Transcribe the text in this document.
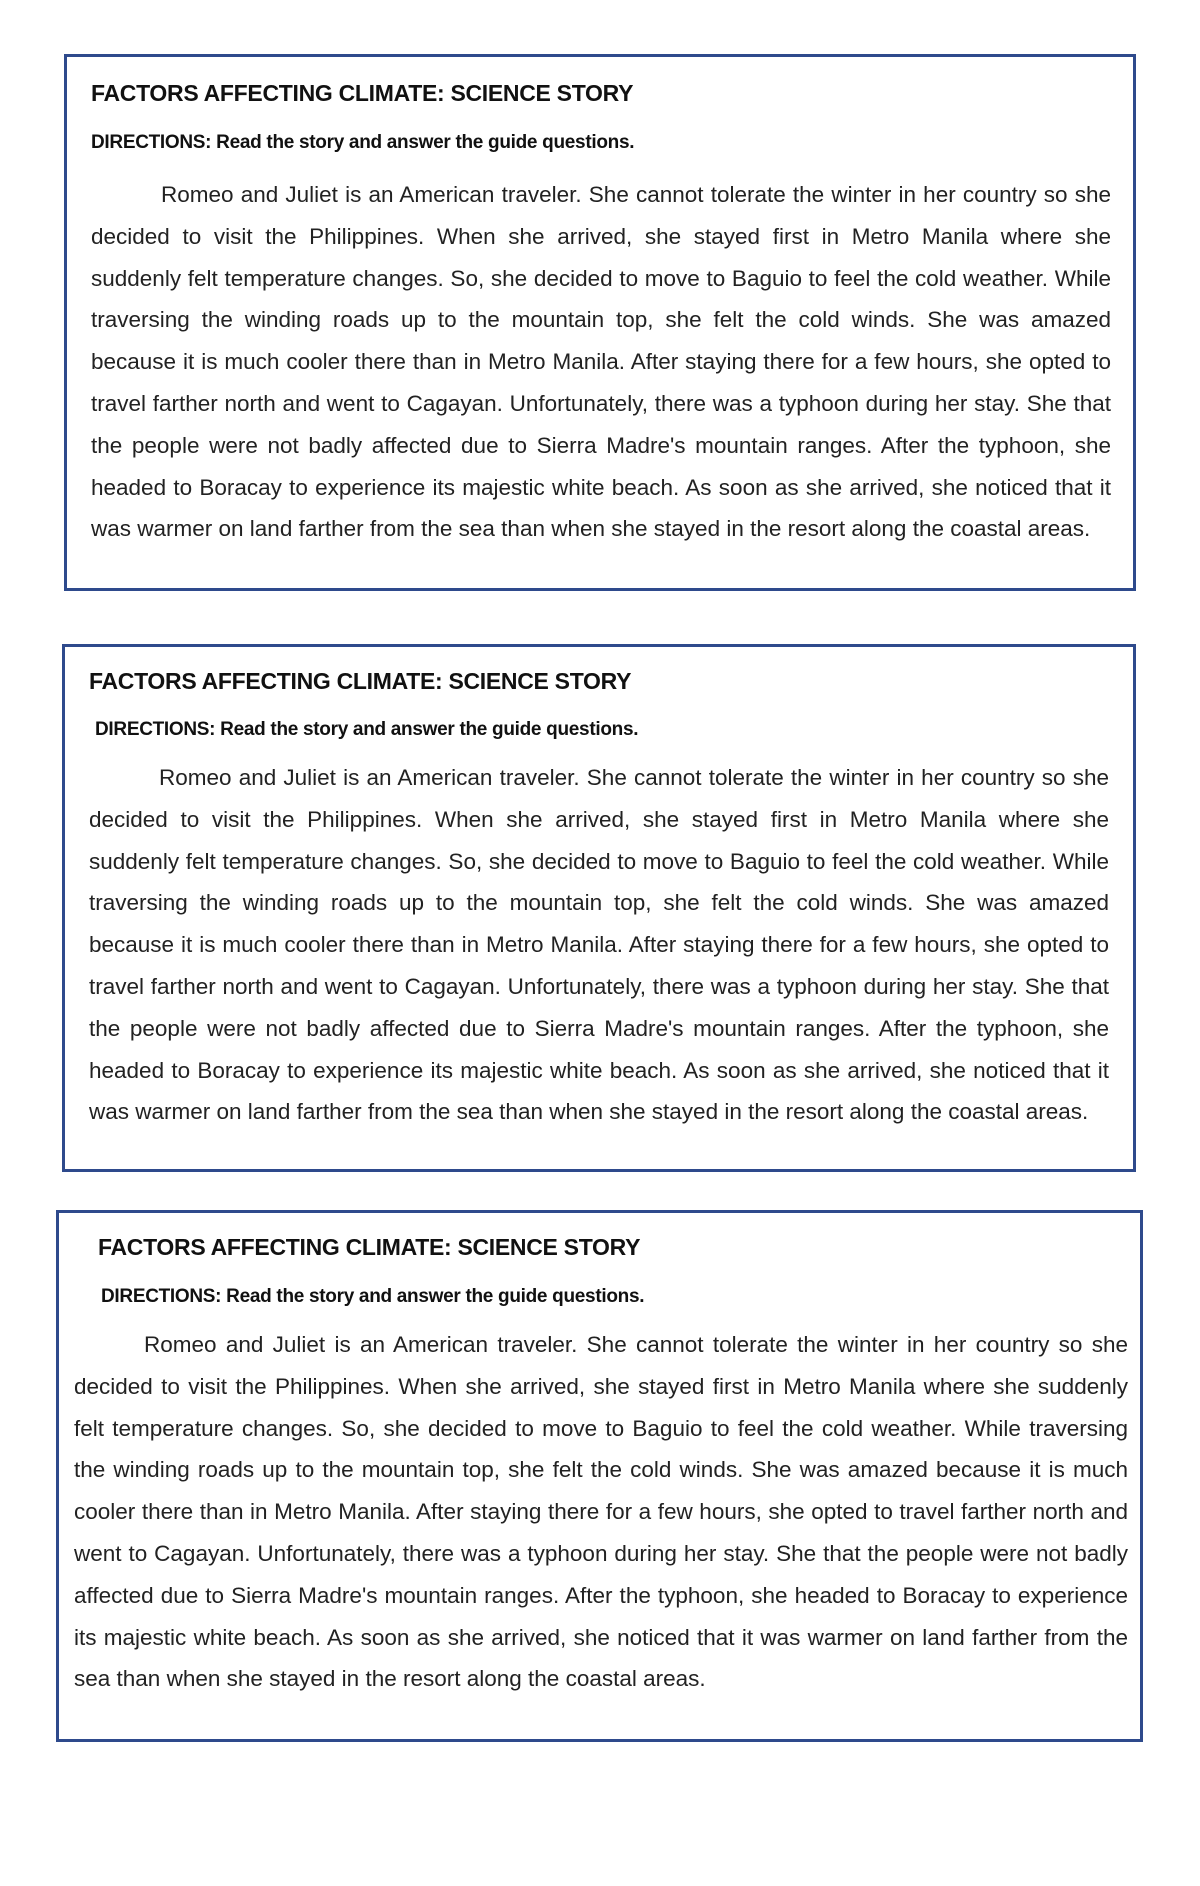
FACTORS AFFECTING CLIMATE: SCIENCE STORY
DIRECTIONS: Read the story and answer the guide questions.

Romeo and Juliet is an American traveler. She cannot tolerate the winter in her country so she decided to visit the Philippines. When she arrived, she stayed first in Metro Manila where she suddenly felt temperature changes. So, she decided to move to Baguio to feel the cold weather. While traversing the winding roads up to the mountain top, she felt the cold winds. She was amazed because it is much cooler there than in Metro Manila. After staying there for a few hours, she opted to travel farther north and went to Cagayan. Unfortunately, there was a typhoon during her stay. She that the people were not badly affected due to Sierra Madre's mountain ranges. After the typhoon, she headed to Boracay to experience its majestic white beach. As soon as she arrived, she noticed that it was warmer on land farther from the sea than when she stayed in the resort along the coastal areas.

FACTORS AFFECTING CLIMATE: SCIENCE STORY
DIRECTIONS: Read the story and answer the guide questions.

Romeo and Juliet is an American traveler. She cannot tolerate the winter in her country so she decided to visit the Philippines. When she arrived, she stayed first in Metro Manila where she suddenly felt temperature changes. So, she decided to move to Baguio to feel the cold weather. While traversing the winding roads up to the mountain top, she felt the cold winds. She was amazed because it is much cooler there than in Metro Manila. After staying there for a few hours, she opted to travel farther north and went to Cagayan. Unfortunately, there was a typhoon during her stay. She that the people were not badly affected due to Sierra Madre's mountain ranges. After the typhoon, she headed to Boracay to experience its majestic white beach. As soon as she arrived, she noticed that it was warmer on land farther from the sea than when she stayed in the resort along the coastal areas.

FACTORS AFFECTING CLIMATE: SCIENCE STORY
DIRECTIONS: Read the story and answer the guide questions.

Romeo and Juliet is an American traveler. She cannot tolerate the winter in her country so she decided to visit the Philippines. When she arrived, she stayed first in Metro Manila where she suddenly felt temperature changes. So, she decided to move to Baguio to feel the cold weather. While traversing the winding roads up to the mountain top, she felt the cold winds. She was amazed because it is much cooler there than in Metro Manila. After staying there for a few hours, she opted to travel farther north and went to Cagayan. Unfortunately, there was a typhoon during her stay. She that the people were not badly affected due to Sierra Madre's mountain ranges. After the typhoon, she headed to Boracay to experience its majestic white beach. As soon as she arrived, she noticed that it was warmer on land farther from the sea than when she stayed in the resort along the coastal areas.
